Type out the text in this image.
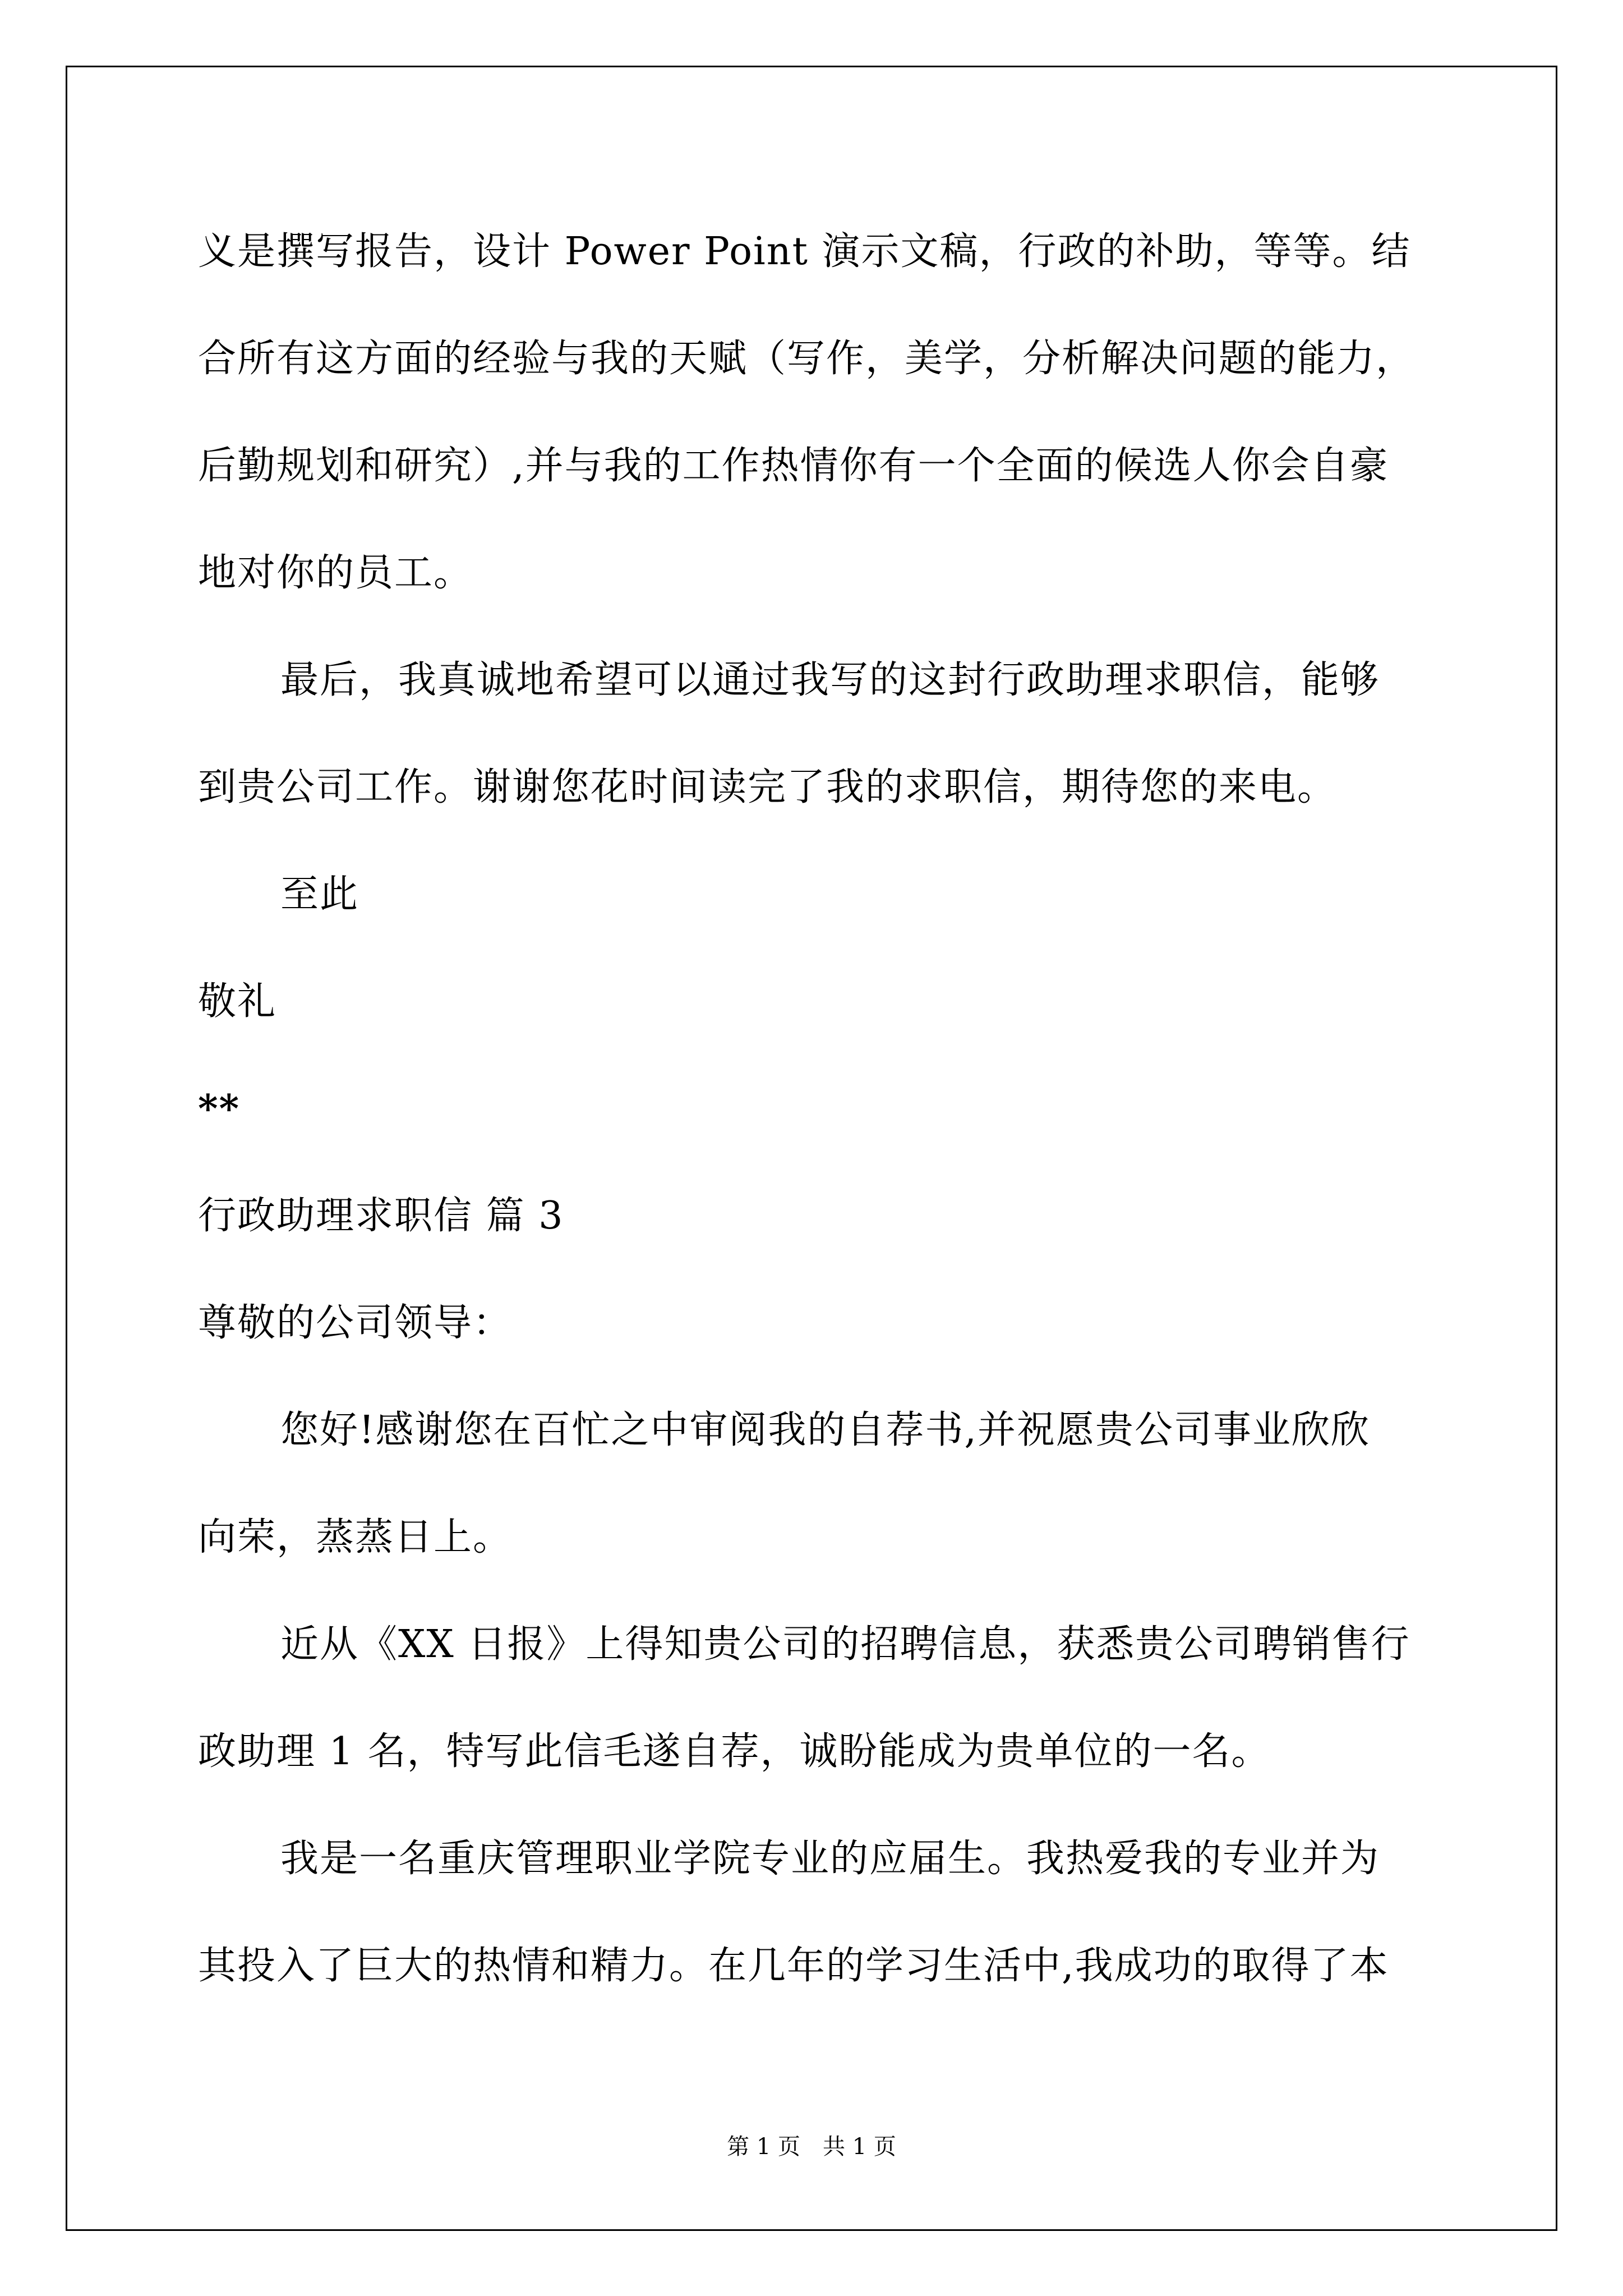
义是撰写报告，设计 Power Point 演示文稿，行政的补助，等等。结
合所有这方面的经验与我的天赋（写作，美学，分析解决问题的能力，
后勤规划和研究）,并与我的工作热情你有一个全面的候选人你会自豪
地对你的员工。
最后，我真诚地希望可以通过我写的这封行政助理求职信，能够
到贵公司工作。谢谢您花时间读完了我的求职信，期待您的来电。
至此
敬礼
**
行政助理求职信 篇 3
尊敬的公司领导：
您好!感谢您在百忙之中审阅我的自荐书,并祝愿贵公司事业欣欣
向荣，蒸蒸日上。
近从《XX 日报》上得知贵公司的招聘信息，获悉贵公司聘销售行
政助理 1 名，特写此信毛遂自荐，诚盼能成为贵单位的一名。
我是一名重庆管理职业学院专业的应届生。我热爱我的专业并为
其投入了巨大的热情和精力。在几年的学习生活中,我成功的取得了本
第 1 页　共 1 页
